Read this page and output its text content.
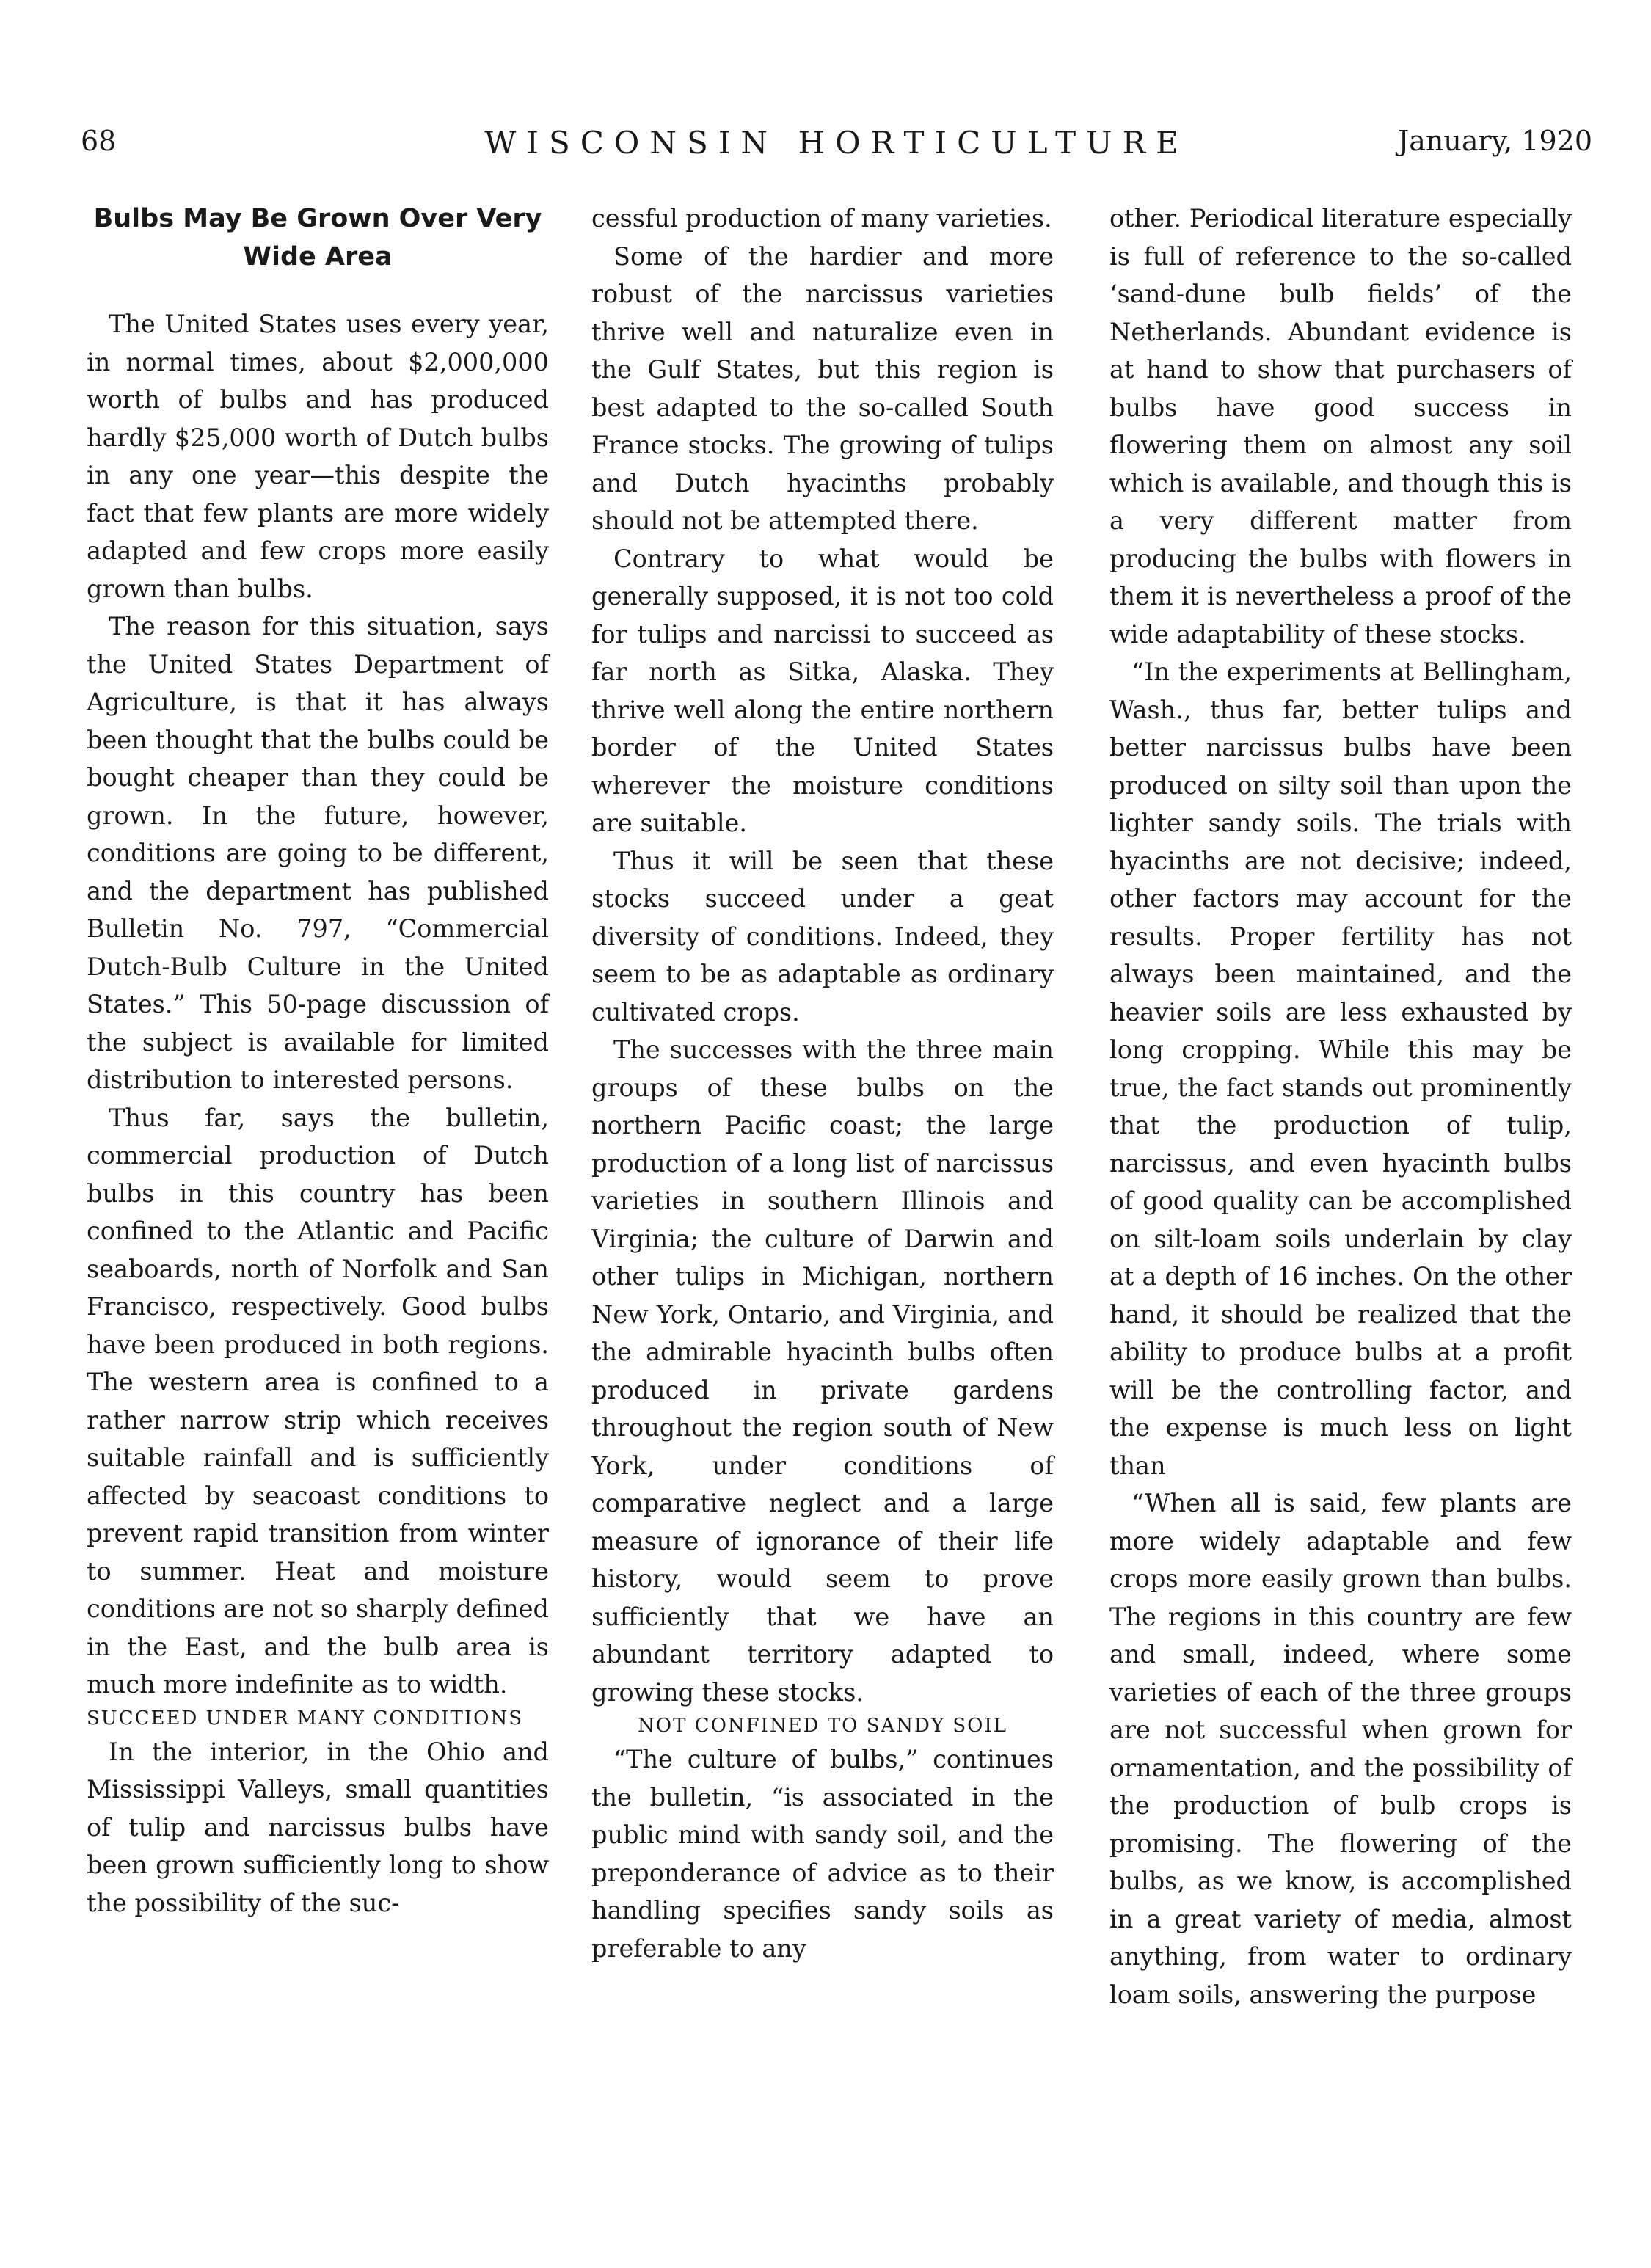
68	WISCONSIN HORTICULTURE	January, 1920
Bulbs May Be Grown Over Very Wide Area

The United States uses every year, in normal times, about $2,000,000 worth of bulbs and has produced hardly $25,000 worth of Dutch bulbs in any one year—this despite the fact that few plants are more widely adapted and few crops more easily grown than bulbs.

The reason for this situation, says the United States Department of Agriculture, is that it has always been thought that the bulbs could be bought cheaper than they could be grown. In the future, however, conditions are going to be different, and the department has published Bulletin No. 797, “Commercial Dutch-Bulb Culture in the United States.” This 50-page discussion of the subject is available for limited distribution to interested persons.

Thus far, says the bulletin, commercial production of Dutch bulbs in this country has been confined to the Atlantic and Pacific seaboards, north of Norfolk and San Francisco, respectively. Good bulbs have been produced in both regions. The western area is confined to a rather narrow strip which receives suitable rainfall and is sufficiently affected by seacoast conditions to prevent rapid transition from winter to summer. Heat and moisture conditions are not so sharply defined in the East, and the bulb area is much more indefinite as to width.

SUCCEED UNDER MANY CONDITIONS

In the interior, in the Ohio and Mississippi Valleys, small quantities of tulip and narcissus bulbs have been grown sufficiently long to show the possibility of the suc-

cessful production of many varieties.

Some of the hardier and more robust of the narcissus varieties thrive well and naturalize even in the Gulf States, but this region is best adapted to the so-called South France stocks. The growing of tulips and Dutch hyacinths probably should not be attempted there.

Contrary to what would be generally supposed, it is not too cold for tulips and narcissi to succeed as far north as Sitka, Alaska. They thrive well along the entire northern border of the United States wherever the moisture conditions are suitable.

Thus it will be seen that these stocks succeed under a geat diversity of conditions. Indeed, they seem to be as adaptable as ordinary cultivated crops.

The successes with the three main groups of these bulbs on the northern Pacific coast; the large production of a long list of narcissus varieties in southern Illinois and Virginia; the culture of Darwin and other tulips in Michigan, northern New York, Ontario, and Virginia, and the admirable hyacinth bulbs often produced in private gardens throughout the region south of New York, under conditions of comparative neglect and a large measure of ignorance of their life history, would seem to prove sufficiently that we have an abundant territory adapted to growing these stocks.

NOT CONFINED TO SANDY SOIL

“The culture of bulbs,” continues the bulletin, “is associated in the public mind with sandy soil, and the preponderance of advice as to their handling specifies sandy soils as preferable to any

other. Periodical literature especially is full of reference to the so-called ‘sand-dune bulb fields’ of the Netherlands. Abundant evidence is at hand to show that purchasers of bulbs have good success in flowering them on almost any soil which is available, and though this is a very different matter from producing the bulbs with flowers in them it is nevertheless a proof of the wide adaptability of these stocks.

“In the experiments at Bellingham, Wash., thus far, better tulips and better narcissus bulbs have been produced on silty soil than upon the lighter sandy soils. The trials with hyacinths are not decisive; indeed, other factors may account for the results. Proper fertility has not always been maintained, and the heavier soils are less exhausted by long cropping. While this may be true, the fact stands out prominently that the production of tulip, narcissus, and even hyacinth bulbs of good quality can be accomplished on silt-loam soils underlain by clay at a depth of 16 inches. On the other hand, it should be realized that the ability to produce bulbs at a profit will be the controlling factor, and the expense is much less on light than

“When all is said, few plants are more widely adaptable and few crops more easily grown than bulbs. The regions in this country are few and small, indeed, where some varieties of each of the three groups are not successful when grown for ornamentation, and the possibility of the production of bulb crops is promising. The flowering of the bulbs, as we know, is accomplished in a great variety of media, almost anything, from water to ordinary loam soils, answering the purpose
